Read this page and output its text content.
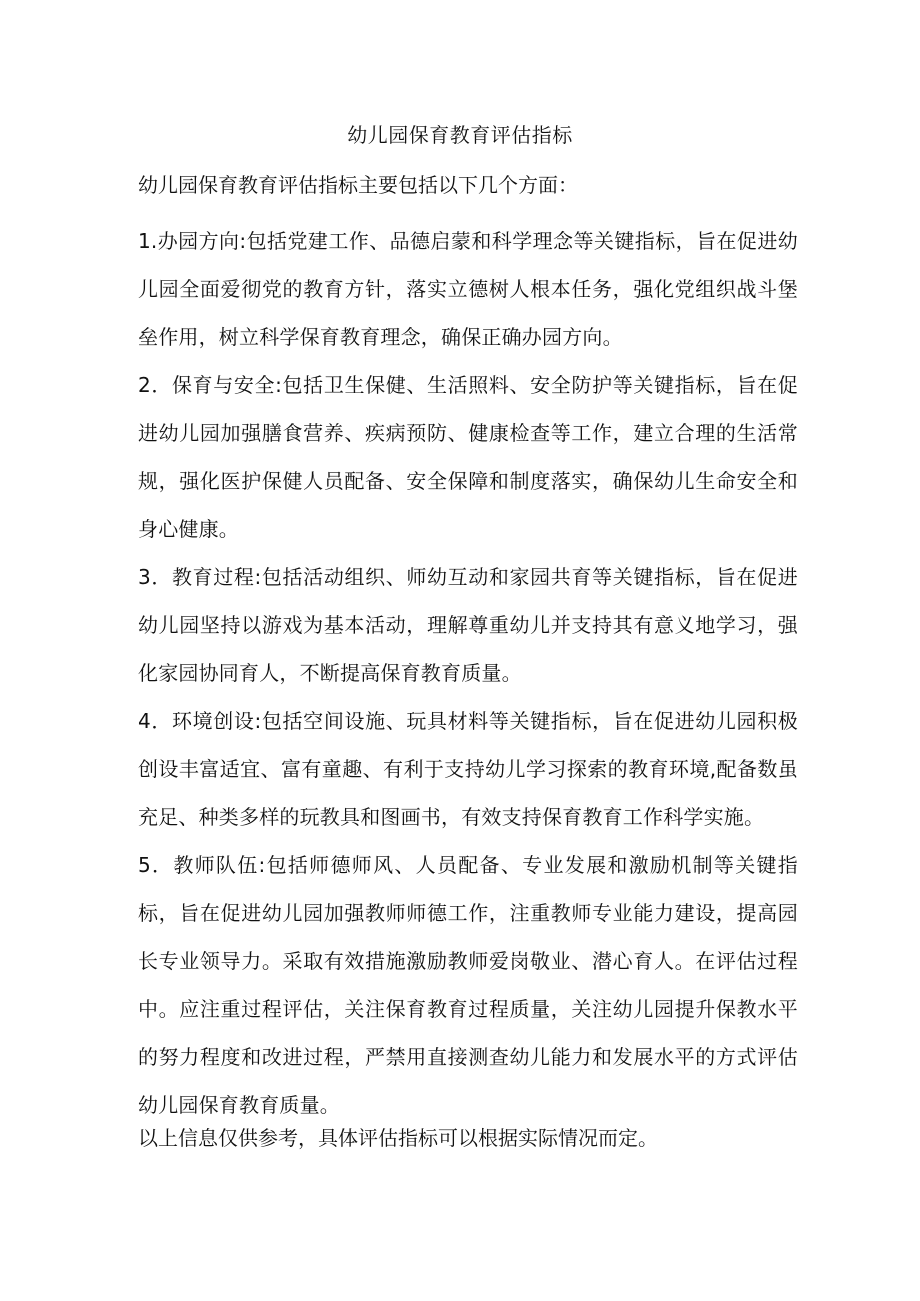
幼儿园保育教育评估指标
幼儿园保育教育评估指标主要包括以下几个方面：

1.办园方向:包括党建工作、品德启蒙和科学理念等关键指标，旨在促进幼儿园全面爱彻党的教育方针，落实立德树人根本任务，强化党组织战斗堡垒作用，树立科学保育教育理念，确保正确办园方向。

2．保育与安全:包括卫生保健、生活照料、安全防护等关键指标，旨在促进幼儿园加强膳食营养、疾病预防、健康检查等工作，建立合理的生活常规，强化医护保健人员配备、安全保障和制度落实，确保幼儿生命安全和身心健康。

3．教育过程:包括活动组织、师幼互动和家园共育等关键指标，旨在促进幼儿园坚持以游戏为基本活动，理解尊重幼儿并支持其有意义地学习，强化家园协同育人，不断提高保育教育质量。

4．环境创设:包括空间设施、玩具材料等关键指标，旨在促进幼儿园积极创设丰富适宜、富有童趣、有利于支持幼儿学习探索的教育环境,配备数虽充足、种类多样的玩教具和图画书，有效支持保育教育工作科学实施。

5．教师队伍:包括师德师风、人员配备、专业发展和激励机制等关键指标，旨在促进幼儿园加强教师师德工作，注重教师专业能力建设，提高园长专业领导力。采取有效措施激励教师爱岗敬业、潜心育人。在评估过程中。应注重过程评估，关注保育教育过程质量，关注幼儿园提升保教水平的努力程度和改进过程，严禁用直接测查幼儿能力和发展水平的方式评估幼儿园保育教育质量。

以上信息仅供参考，具体评估指标可以根据实际情况而定。
